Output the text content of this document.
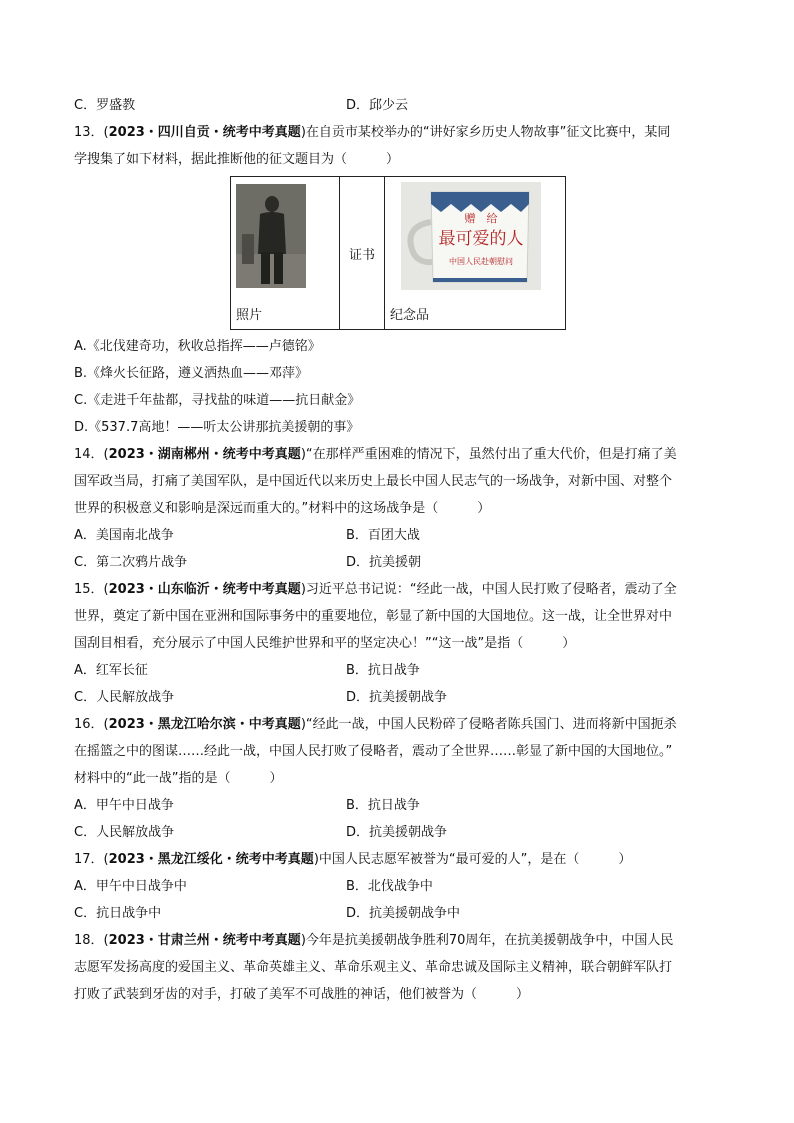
C．罗盛教	D．邱少云
13．(2023・四川自贡・统考中考真题)在自贡市某校举办的“讲好家乡历史人物故事”征文比赛中，某同
学搜集了如下材料，据此推断他的征文题目为（　　　）
照片
	证书	
赠　给
最可爱的人
中国人民赴朝慰问
纪念品
A.《北伐建奇功，秋收总指挥——卢德铭》
B.《烽火长征路，遵义洒热血——邓萍》
C.《走进千年盐都，寻找盐的味道——抗日献金》
D.《537.7高地！——听太公讲那抗美援朝的事》
14．(2023・湖南郴州・统考中考真题)“在那样严重困难的情况下，虽然付出了重大代价，但是打痛了美
国军政当局，打痛了美国军队，是中国近代以来历史上最长中国人民志气的一场战争，对新中国、对整个
世界的积极意义和影响是深远而重大的。”材料中的这场战争是（　　　）
A．美国南北战争	B．百团大战
C．第二次鸦片战争	D．抗美援朝
15．(2023・山东临沂・统考中考真题)习近平总书记说：“经此一战，中国人民打败了侵略者，震动了全
世界，奠定了新中国在亚洲和国际事务中的重要地位，彰显了新中国的大国地位。这一战，让全世界对中
国刮目相看，充分展示了中国人民维护世界和平的坚定决心！”“这一战”是指（　　　）
A．红军长征	B．抗日战争
C．人民解放战争	D．抗美援朝战争
16．(2023・黑龙江哈尔滨・中考真题)“经此一战，中国人民粉碎了侵略者陈兵国门、进而将新中国扼杀
在摇篮之中的图谋……经此一战，中国人民打败了侵略者，震动了全世界……彰显了新中国的大国地位。”
材料中的“此一战”指的是（　　　）
A．甲午中日战争	B．抗日战争
C．人民解放战争	D．抗美援朝战争
17．(2023・黑龙江绥化・统考中考真题)中国人民志愿军被誉为“最可爱的人”，是在（　　　）
A．甲午中日战争中	B．北伐战争中
C．抗日战争中	D．抗美援朝战争中
18．(2023・甘肃兰州・统考中考真题)今年是抗美援朝战争胜利70周年，在抗美援朝战争中，中国人民
志愿军发扬高度的爱国主义、革命英雄主义、革命乐观主义、革命忠诚及国际主义精神，联合朝鲜军队打
打败了武装到牙齿的对手，打破了美军不可战胜的神话，他们被誉为（　　　）
